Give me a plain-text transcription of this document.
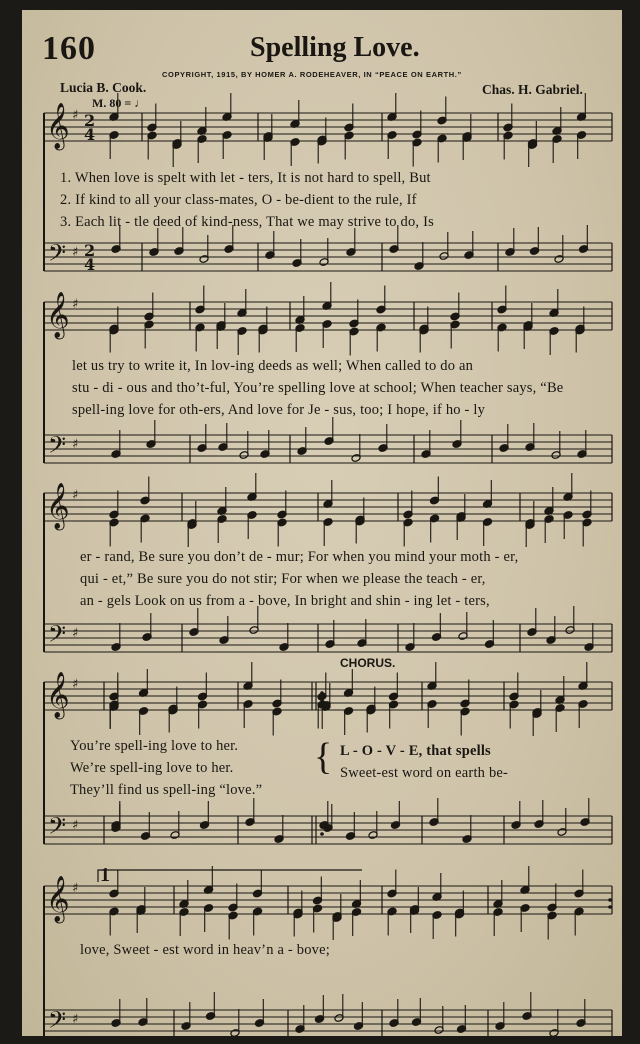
160	Spelling Love.
COPYRIGHT, 1915, BY HOMER A. RODEHEAVER, IN “PEACE ON EARTH.”
Lucia B. Cook.	Chas. H. Gabriel.
M. 80 = ♩
𝄞
𝄢
♯
♯
2
4
2
4
𝄞
𝄢
♯
♯
𝄞
𝄢
♯
♯
𝄞
𝄢
♯
♯
𝄞
𝄢
♯
♯
1. When love is spelt with let - ters, It is not hard to spell, But
2. If kind to all your class-mates, O - be-dient to the rule, If
3. Each lit - tle deed of kind-ness, That we may strive to do, Is
let us try to write it, In lov-ing deeds as well; When called to do an
stu - di - ous and tho’t-ful, You’re spelling love at school; When teacher says, “Be
spell-ing love for oth-ers, And love for Je - sus, too; I hope, if ho - ly
er - rand, Be sure you don’t de - mur; For when you mind your moth - er,
qui - et,” Be sure you do not stir; For when we please the teach - er,
an - gels Look on us from a - bove, In bright and shin - ing let - ters,
CHORUS.
You’re spell-ing love to her.
We’re spell-ing love to her.
They’ll find us spell-ing “love.”
{ L - O - V - E, that spells
Sweet-est word on earth be-
1
love, Sweet - est word in heav’n a - bove;
